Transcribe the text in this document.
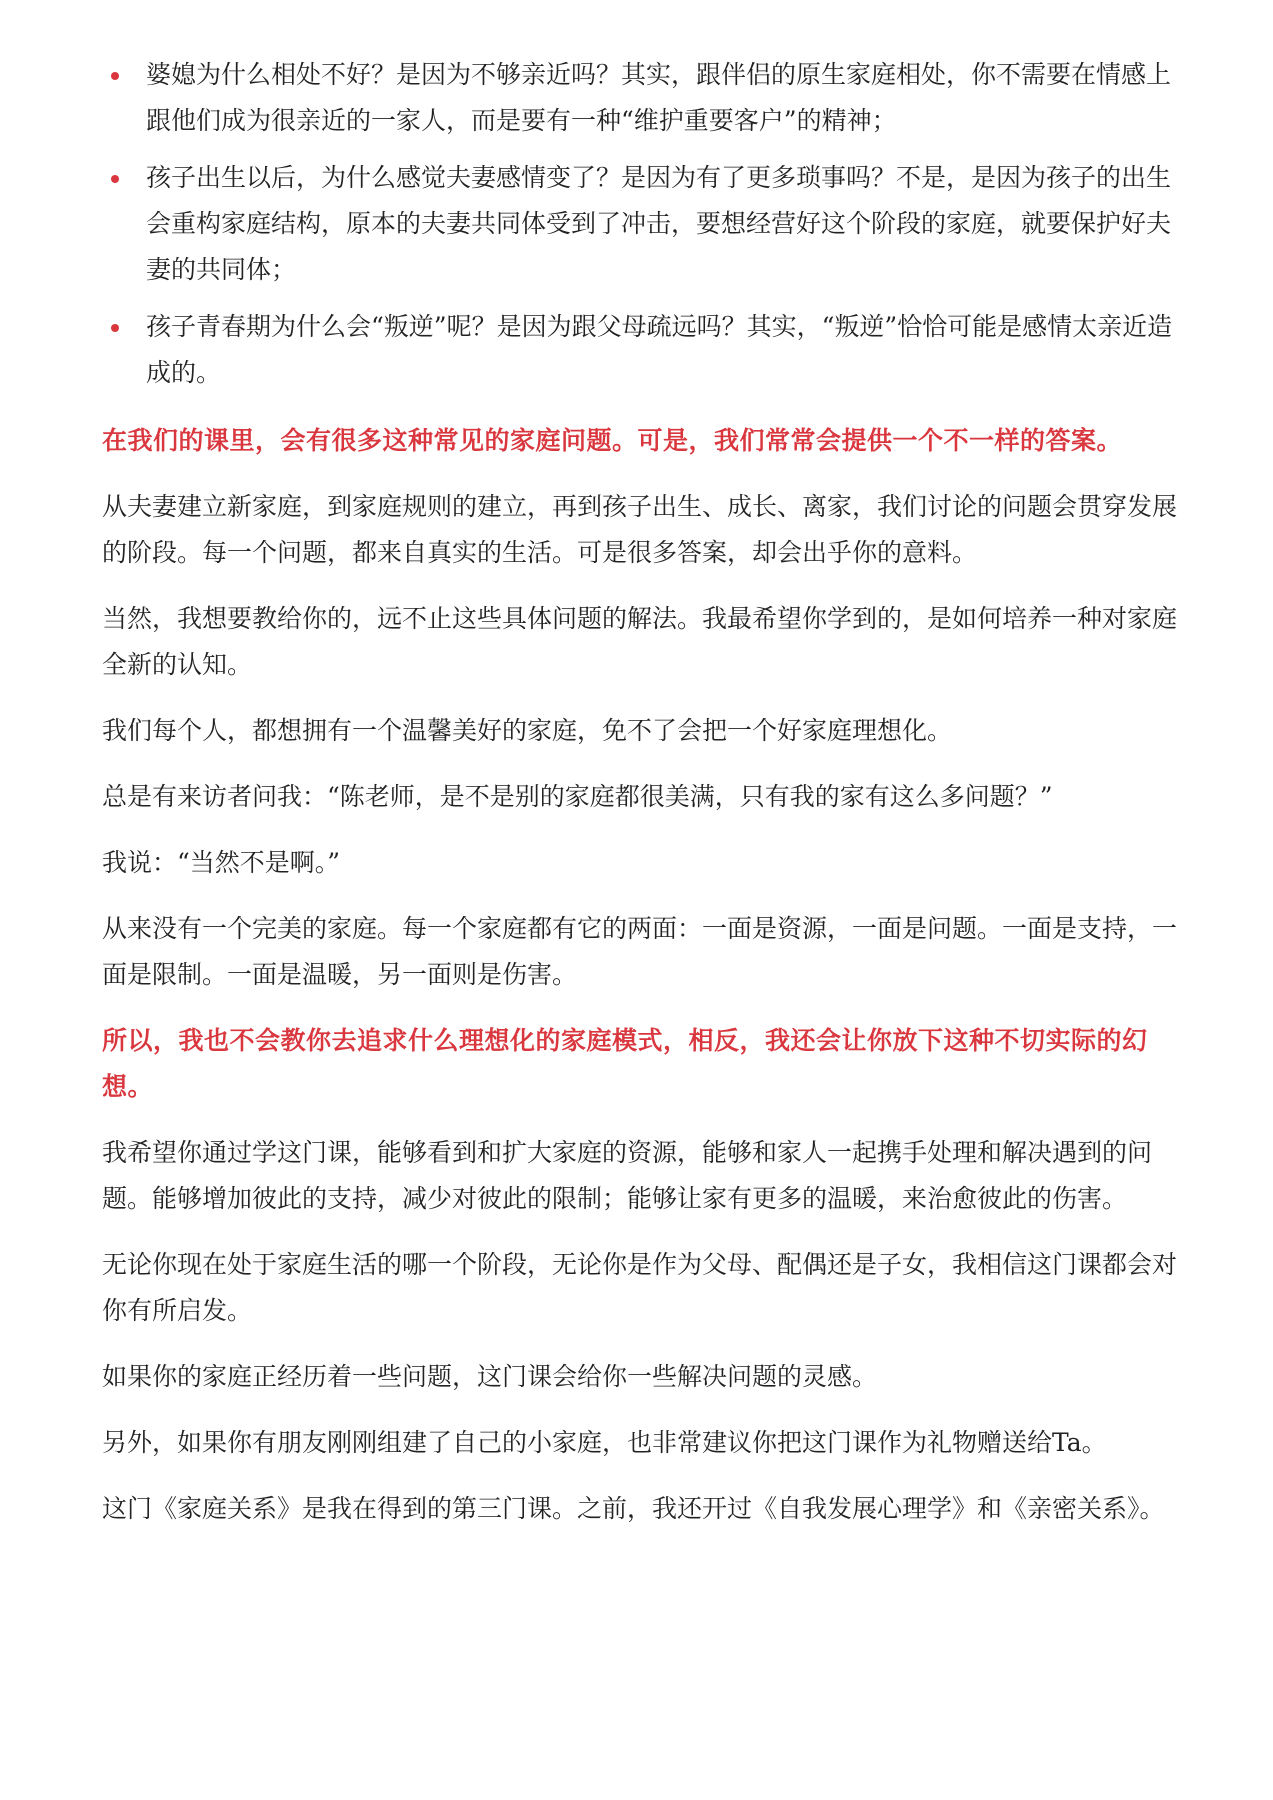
婆媳为什么相处不好？是因为不够亲近吗？其实，跟伴侣的原生家庭相处，你不需要在情感上跟他们成为很亲近的一家人，而是要有一种“维护重要客户”的精神；
孩子出生以后，为什么感觉夫妻感情变了？是因为有了更多琐事吗？不是，是因为孩子的出生会重构家庭结构，原本的夫妻共同体受到了冲击，要想经营好这个阶段的家庭，就要保护好夫妻的共同体；
孩子青春期为什么会“叛逆”呢？是因为跟父母疏远吗？其实，“叛逆”恰恰可能是感情太亲近造成的。

在我们的课里，会有很多这种常见的家庭问题。可是，我们常常会提供一个不一样的答案。

从夫妻建立新家庭，到家庭规则的建立，再到孩子出生、成长、离家，我们讨论的问题会贯穿发展的阶段。每一个问题，都来自真实的生活。可是很多答案，却会出乎你的意料。

当然，我想要教给你的，远不止这些具体问题的解法。我最希望你学到的，是如何培养一种对家庭全新的认知。

我们每个人，都想拥有一个温馨美好的家庭，免不了会把一个好家庭理想化。

总是有来访者问我：“陈老师，是不是别的家庭都很美满，只有我的家有这么多问题？”

我说：“当然不是啊。”

从来没有一个完美的家庭。每一个家庭都有它的两面：一面是资源，一面是问题。一面是支持，一面是限制。一面是温暖，另一面则是伤害。

所以，我也不会教你去追求什么理想化的家庭模式，相反，我还会让你放下这种不切实际的幻想。

我希望你通过学这门课，能够看到和扩大家庭的资源，能够和家人一起携手处理和解决遇到的问题。能够增加彼此的支持，减少对彼此的限制；能够让家有更多的温暖，来治愈彼此的伤害。

无论你现在处于家庭生活的哪一个阶段，无论你是作为父母、配偶还是子女，我相信这门课都会对你有所启发。

如果你的家庭正经历着一些问题，这门课会给你一些解决问题的灵感。

另外，如果你有朋友刚刚组建了自己的小家庭，也非常建议你把这门课作为礼物赠送给Ta。

这门《家庭关系》是我在得到的第三门课。之前，我还开过《自我发展心理学》和《亲密关系》。
